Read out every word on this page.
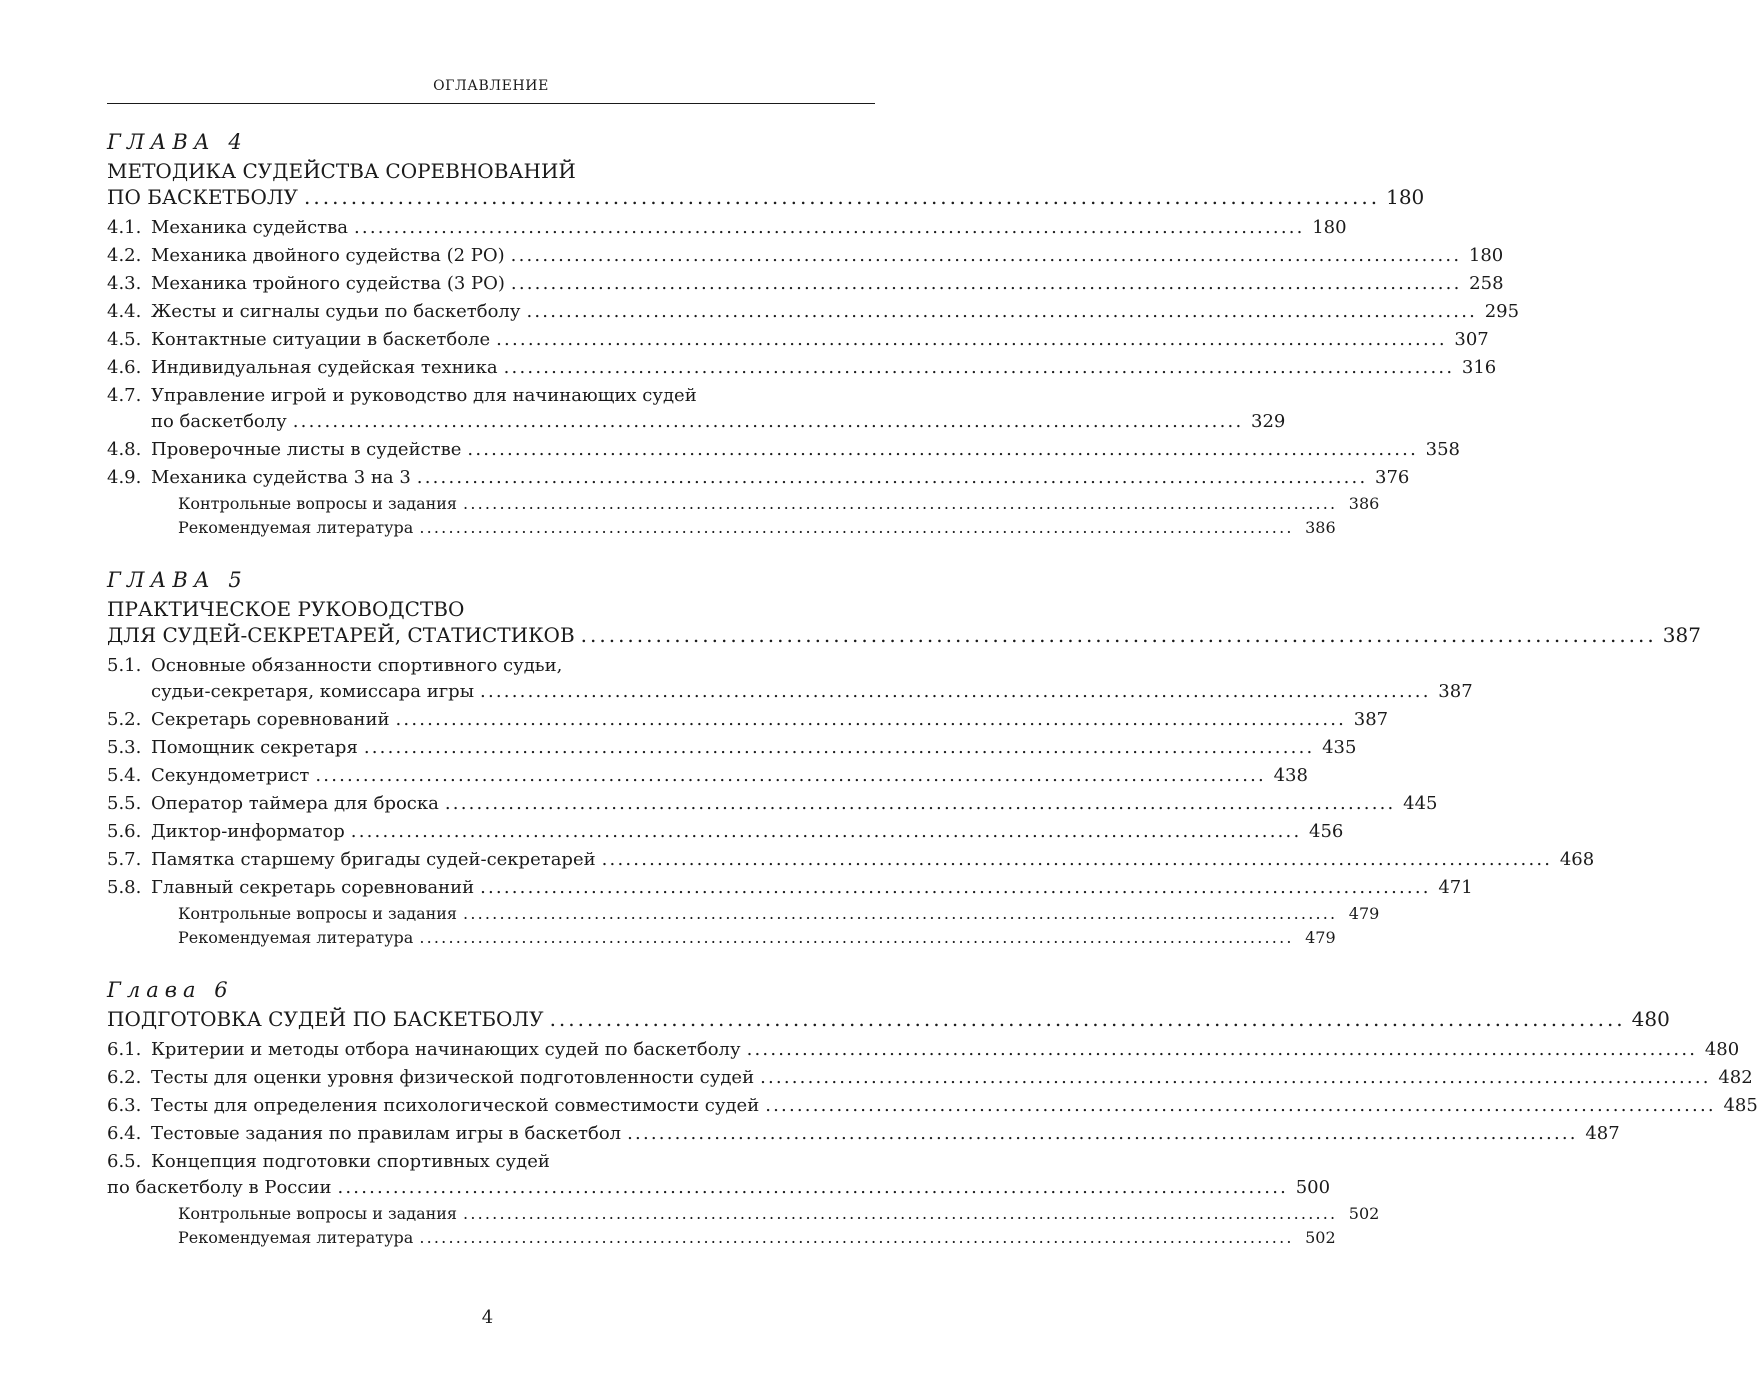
ОГЛАВЛЕНИЕ
ГЛАВА 4
МЕТОДИКА СУДЕЙСТВА СОРЕВНОВАНИЙ
ПО БАСКЕТБОЛУ ................................................................................................................... 180
4.1. Механика судейства ........................................................................................................................ 180
4.2. Механика двойного судейства (2 РО) ........................................................................................................................ 180
4.3. Механика тройного судейства (3 РО) ........................................................................................................................ 258
4.4. Жесты и сигналы судьи по баскетболу ........................................................................................................................ 295
4.5. Контактные ситуации в баскетболе ........................................................................................................................ 307
4.6. Индивидуальная судейская техника ........................................................................................................................ 316
4.7. Управление игрой и руководство для начинающих судей
по баскетболу ........................................................................................................................ 329
4.8. Проверочные листы в судействе ........................................................................................................................ 358
4.9. Механика судейства 3 на 3 ........................................................................................................................ 376
Контрольные вопросы и задания ........................................................................................................................ 386
Рекомендуемая литература ........................................................................................................................ 386
ГЛАВА 5
ПРАКТИЧЕСКОЕ РУКОВОДСТВО
ДЛЯ СУДЕЙ-СЕКРЕТАРЕЙ, СТАТИСТИКОВ ................................................................................................................... 387
5.1. Основные обязанности спортивного судьи,
судьи-секретаря, комиссара игры ........................................................................................................................ 387
5.2. Секретарь соревнований ........................................................................................................................ 387
5.3. Помощник секретаря ........................................................................................................................ 435
5.4. Секундометрист ........................................................................................................................ 438
5.5. Оператор таймера для броска ........................................................................................................................ 445
5.6. Диктор-информатор ........................................................................................................................ 456
5.7. Памятка старшему бригады судей-секретарей ........................................................................................................................ 468
5.8. Главный секретарь соревнований ........................................................................................................................ 471
Контрольные вопросы и задания ........................................................................................................................ 479
Рекомендуемая литература ........................................................................................................................ 479
Глава 6
ПОДГОТОВКА СУДЕЙ ПО БАСКЕТБОЛУ ................................................................................................................... 480
6.1. Критерии и методы отбора начинающих судей по баскетболу ........................................................................................................................ 480
6.2. Тесты для оценки уровня физической подготовленности судей ........................................................................................................................ 482
6.3. Тесты для определения психологической совместимости судей ........................................................................................................................ 485
6.4. Тестовые задания по правилам игры в баскетбол ........................................................................................................................ 487
6.5. Концепция подготовки спортивных судей
по баскетболу в России ........................................................................................................................ 500
Контрольные вопросы и задания ........................................................................................................................ 502
Рекомендуемая литература ........................................................................................................................ 502
4
